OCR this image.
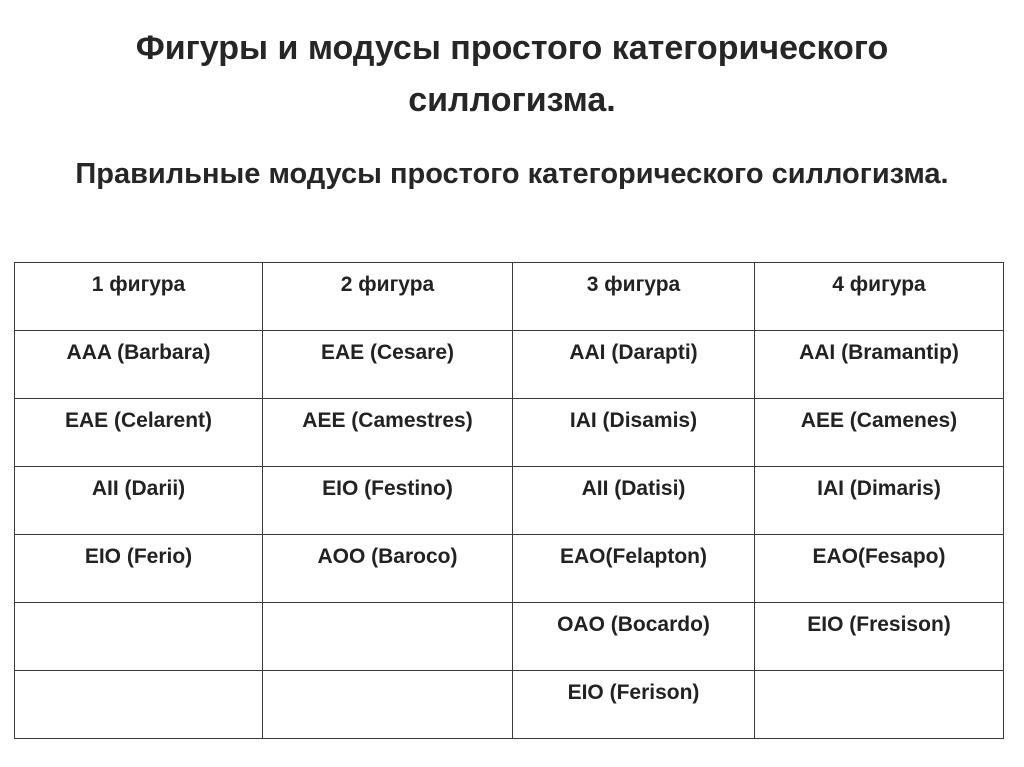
Фигуры и модусы простого категорического силлогизма.
Правильные модусы простого категорического силлогизма.
1 фигура	2 фигура	3 фигура	4 фигура
AAA (Barbara)	EAE (Cesare)	AAI (Darapti)	AAI (Bramantip)
EAE (Celarent)	AEE (Camestres)	IAI (Disamis)	AEE (Camenes)
AII (Darii)	EIO (Festino)	AII (Datisi)	IAI (Dimaris)
EIO (Ferio)	AOO (Baroco)	EAO(Felapton)	EAO(Fesapo)
		OAO (Bocardo)	EIO (Fresison)
		EIO (Ferison)	
